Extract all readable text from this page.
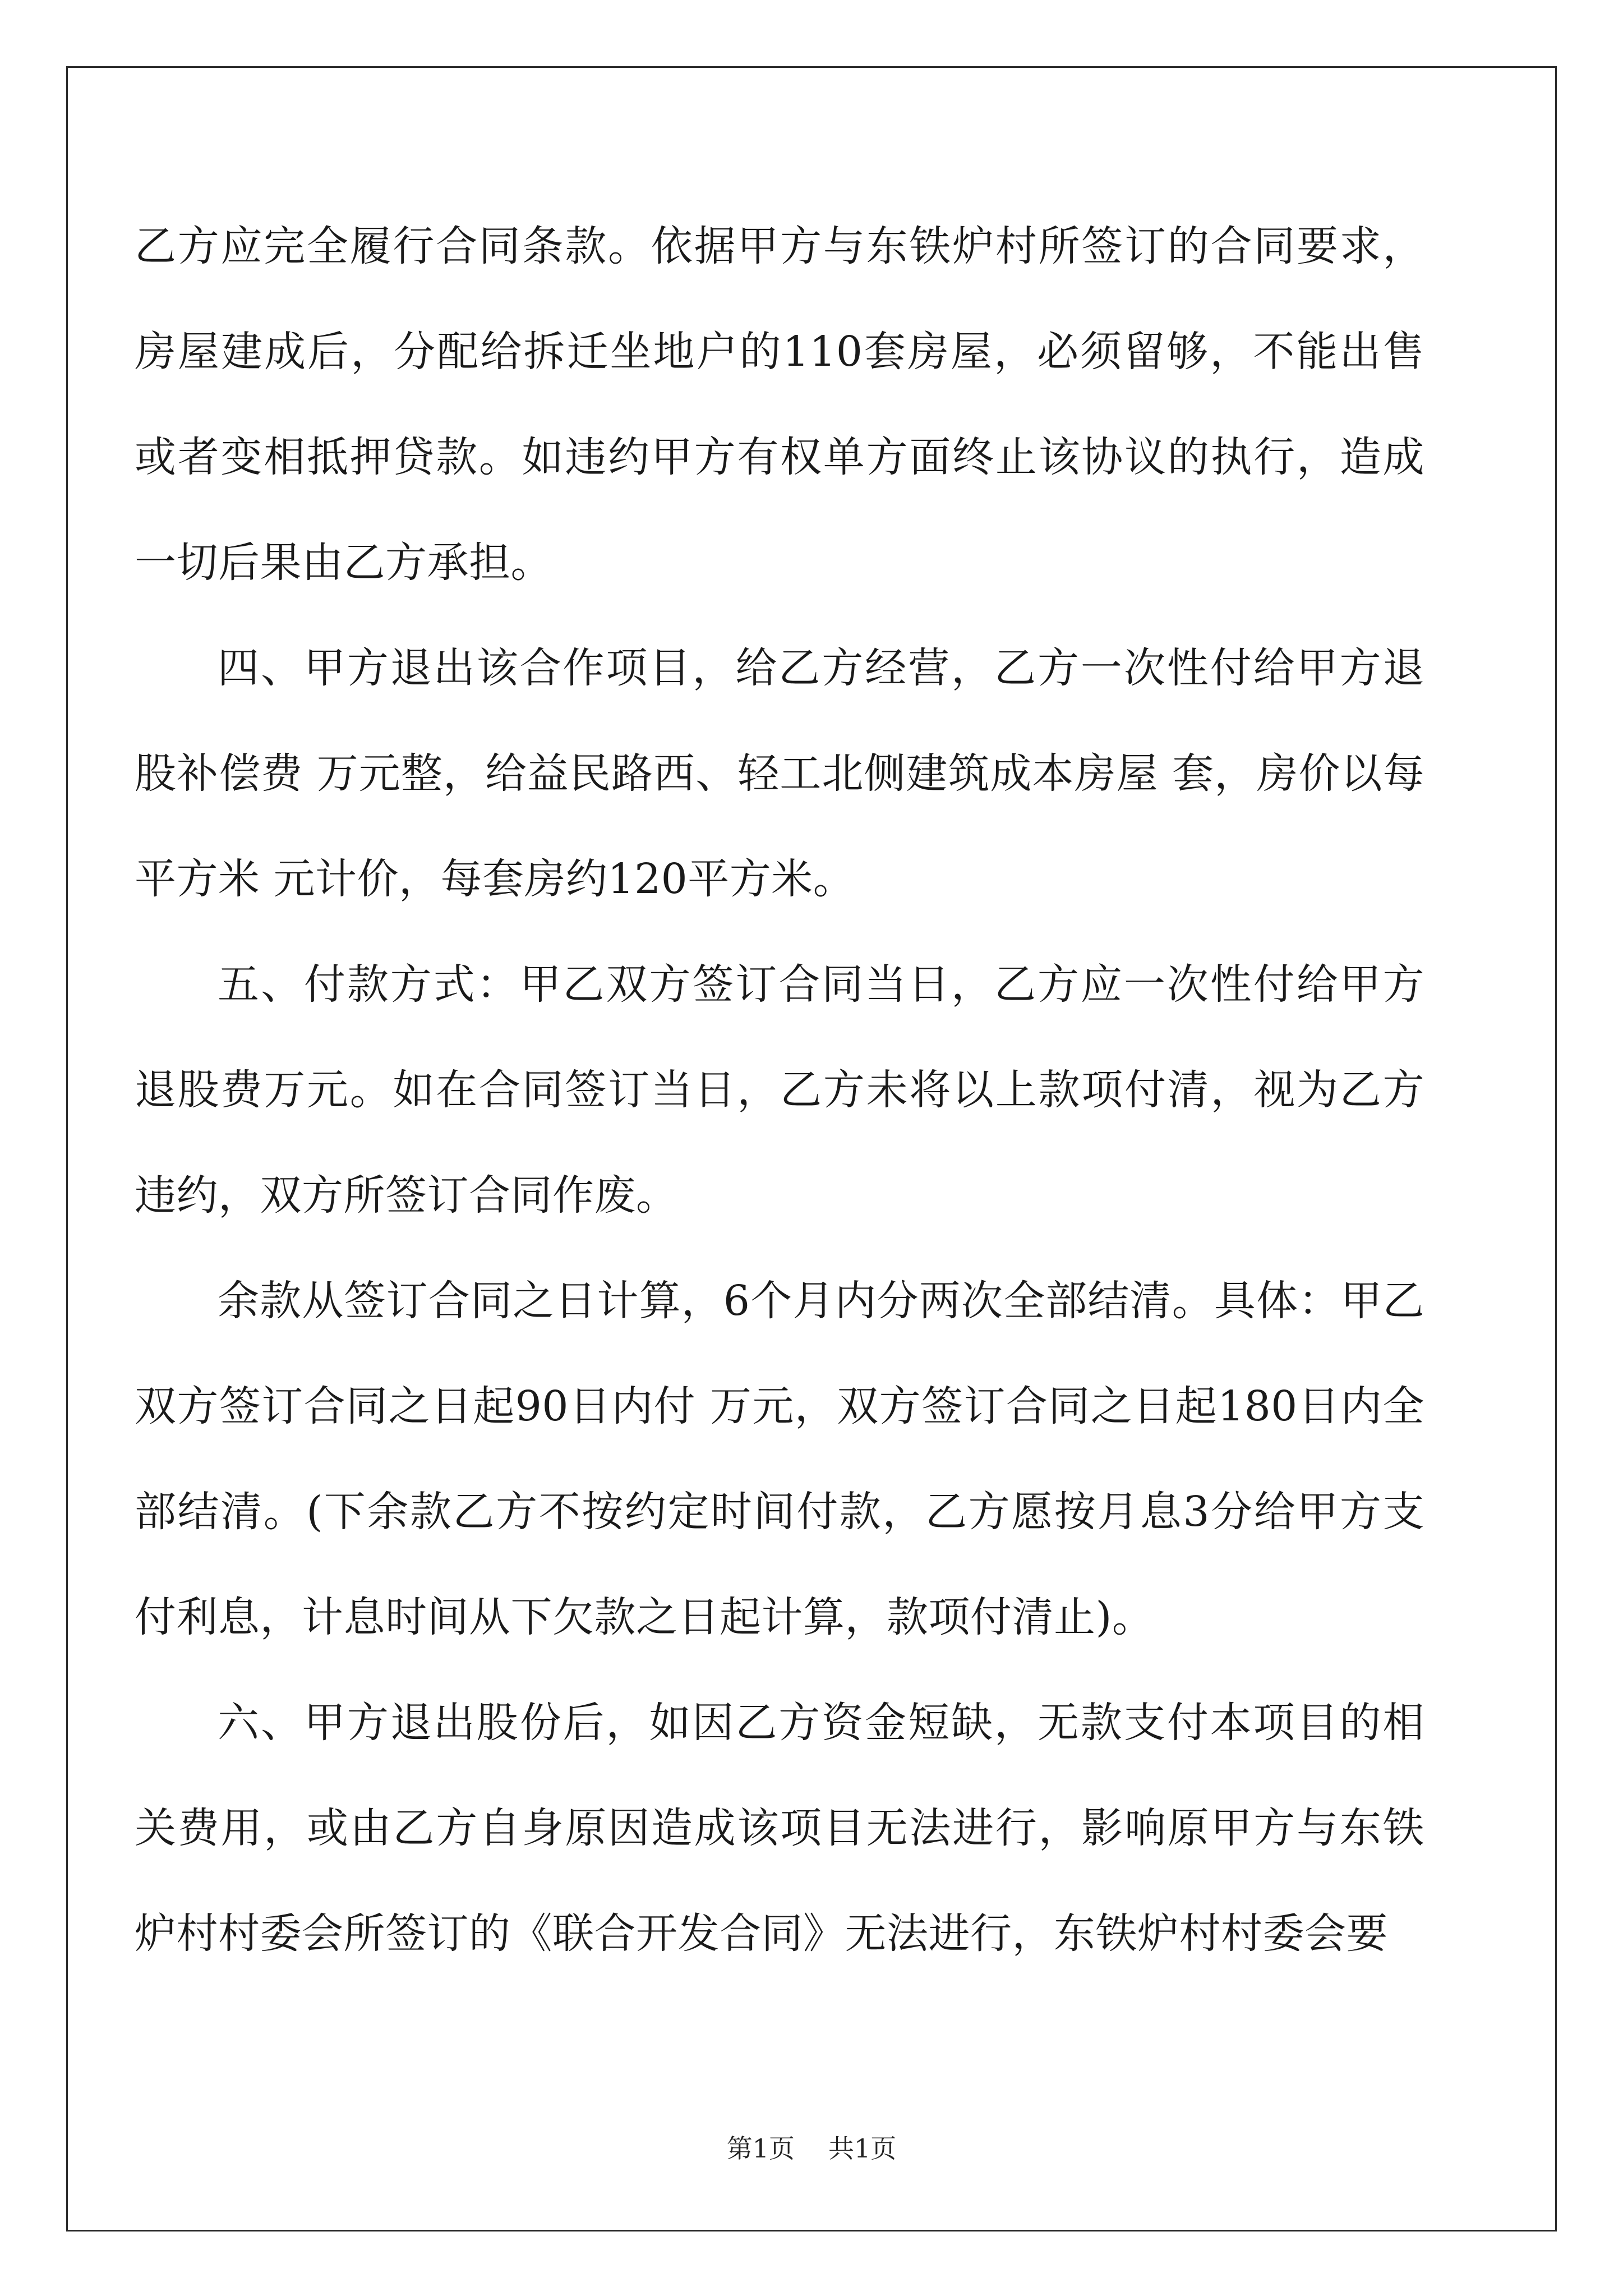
乙方应完全履行合同条款。依据甲方与东铁炉村所签订的合同要求，房屋建成后，分配给拆迁坐地户的110套房屋，必须留够，不能出售或者变相抵押贷款。如违约甲方有权单方面终止该协议的执行，造成一切后果由乙方承担。

四、甲方退出该合作项目，给乙方经营，乙方一次性付给甲方退股补偿费 万元整，给益民路西、轻工北侧建筑成本房屋 套，房价以每平方米 元计价，每套房约120平方米。

五、付款方式：甲乙双方签订合同当日，乙方应一次性付给甲方退股费万元。如在合同签订当日，乙方未将以上款项付清，视为乙方违约，双方所签订合同作废。

余款从签订合同之日计算，6个月内分两次全部结清。具体：甲乙双方签订合同之日起90日内付 万元，双方签订合同之日起180日内全部结清。(下余款乙方不按约定时间付款，乙方愿按月息3分给甲方支付利息，计息时间从下欠款之日起计算，款项付清止)。

六、甲方退出股份后，如因乙方资金短缺，无款支付本项目的相关费用，或由乙方自身原因造成该项目无法进行，影响原甲方与东铁炉村村委会所签订的《联合开发合同》无法进行，东铁炉村村委会要

第1页 共1页
